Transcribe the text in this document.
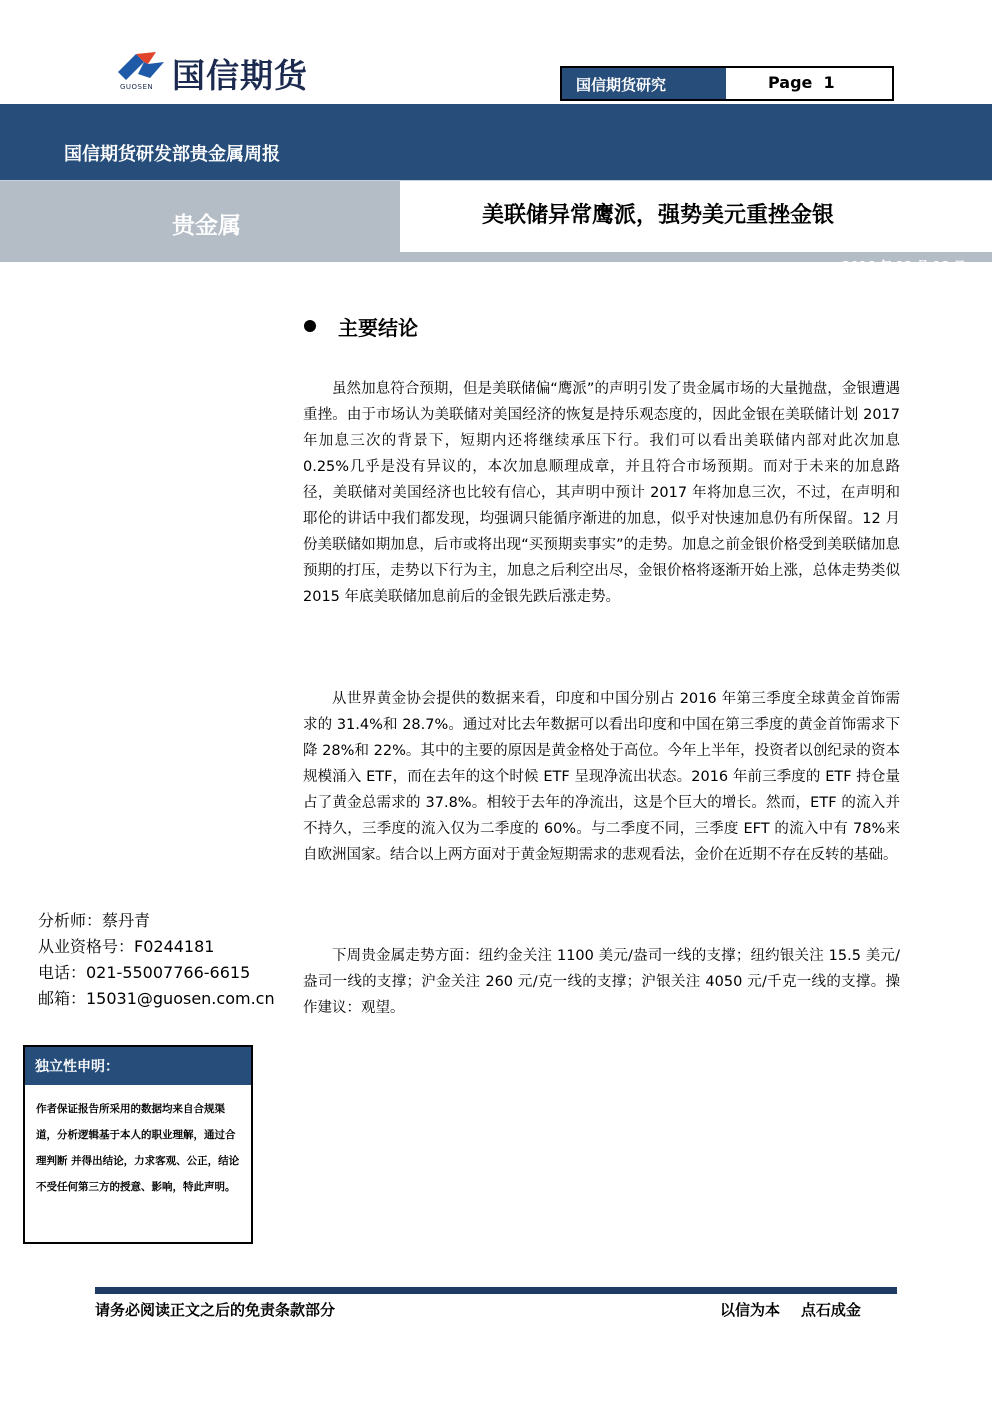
国信期货
GUOSEN	国信期货研究	Page  1
国信期货研发部贵金属周报
贵金属	美联储异常鹰派，强势美元重挫金银
2016 年 12 月 18 日
主要结论

虽然加息符合预期，但是美联储偏“鹰派”的声明引发了贵金属市场的大量抛盘，金银遭遇重挫。由于市场认为美联储对美国经济的恢复是持乐观态度的，因此金银在美联储计划 2017 年加息三次的背景下，短期内还将继续承压下行。我们可以看出美联储内部对此次加息 0.25%几乎是没有异议的，本次加息顺理成章，并且符合市场预期。而对于未来的加息路径，美联储对美国经济也比较有信心，其声明中预计 2017 年将加息三次，不过，在声明和耶伦的讲话中我们都发现，均强调只能循序渐进的加息，似乎对快速加息仍有所保留。12 月份美联储如期加息，后市或将出现“买预期卖事实”的走势。加息之前金银价格受到美联储加息预期的打压，走势以下行为主，加息之后利空出尽，金银价格将逐渐开始上涨，总体走势类似 2015 年底美联储加息前后的金银先跌后涨走势。

从世界黄金协会提供的数据来看，印度和中国分别占 2016 年第三季度全球黄金首饰需求的 31.4%和 28.7%。通过对比去年数据可以看出印度和中国在第三季度的黄金首饰需求下降 28%和 22%。其中的主要的原因是黄金格处于高位。今年上半年，投资者以创纪录的资本规模涌入 ETF，而在去年的这个时候 ETF 呈现净流出状态。2016 年前三季度的 ETF 持仓量占了黄金总需求的 37.8%。相较于去年的净流出，这是个巨大的增长。然而，ETF 的流入并不持久，三季度的流入仅为二季度的 60%。与二季度不同，三季度 EFT 的流入中有 78%来自欧洲国家。结合以上两方面对于黄金短期需求的悲观看法，金价在近期不存在反转的基础。

下周贵金属走势方面：纽约金关注 1100 美元/盎司一线的支撑；纽约银关注 15.5 美元/盎司一线的支撑；沪金关注 260 元/克一线的支撑；沪银关注 4050 元/千克一线的支撑。操作建议：观望。

分析师：蔡丹青
从业资格号：F0244181
电话：021-55007766-6615
邮箱：15031@guosen.com.cn
独立性申明：
作者保证报告所采用的数据均来自合规渠道，分析逻辑基于本人的职业理解，通过合理判断 并得出结论，力求客观、公正，结论不受任何第三方的授意、影响，特此声明。
请务必阅读正文之后的免责条款部分	以信为本    点石成金
